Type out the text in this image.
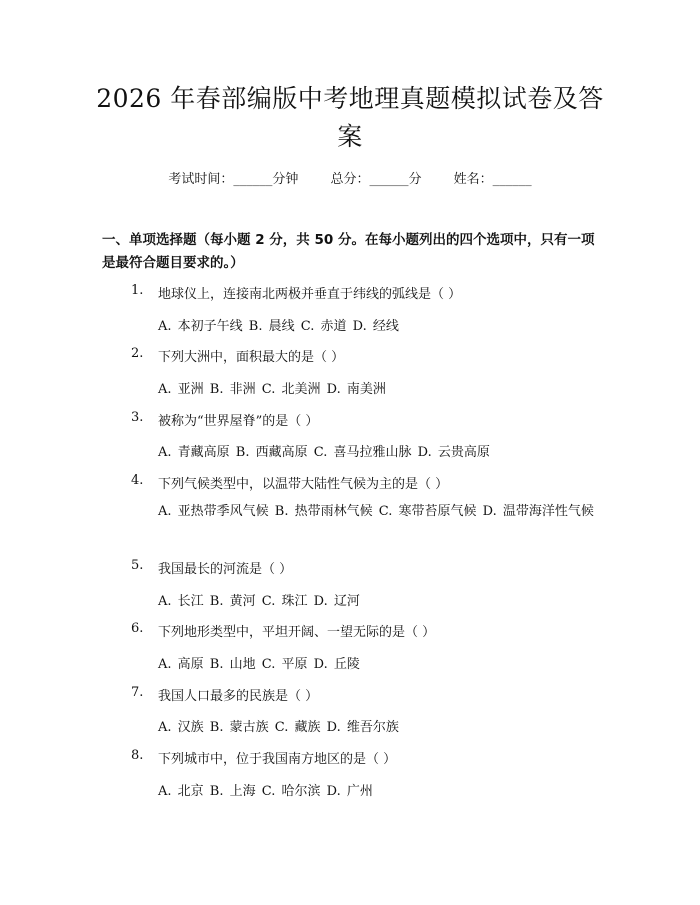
2026 年春部编版中考地理真题模拟试卷及答
案
考试时间：______分钟 总分：______分 姓名：______
一、单项选择题（每小题 2 分，共 50 分。在每小题列出的四个选项中，只有一项
是最符合题目要求的。）
1. 地球仪上，连接南北两极并垂直于纬线的弧线是（ ）
A. 本初子午线 B. 晨线 C. 赤道 D. 经线
2. 下列大洲中，面积最大的是（ ）
A. 亚洲 B. 非洲 C. 北美洲 D. 南美洲
3. 被称为“世界屋脊”的是（ ）
A. 青藏高原 B. 西藏高原 C. 喜马拉雅山脉 D. 云贵高原
4. 下列气候类型中，以温带大陆性气候为主的是（ ）
A. 亚热带季风气候 B. 热带雨林气候 C. 寒带苔原气候 D. 温带海洋性气候
5. 我国最长的河流是（ ）
A. 长江 B. 黄河 C. 珠江 D. 辽河
6. 下列地形类型中，平坦开阔、一望无际的是（ ）
A. 高原 B. 山地 C. 平原 D. 丘陵
7. 我国人口最多的民族是（ ）
A. 汉族 B. 蒙古族 C. 藏族 D. 维吾尔族
8. 下列城市中，位于我国南方地区的是（ ）
A. 北京 B. 上海 C. 哈尔滨 D. 广州
